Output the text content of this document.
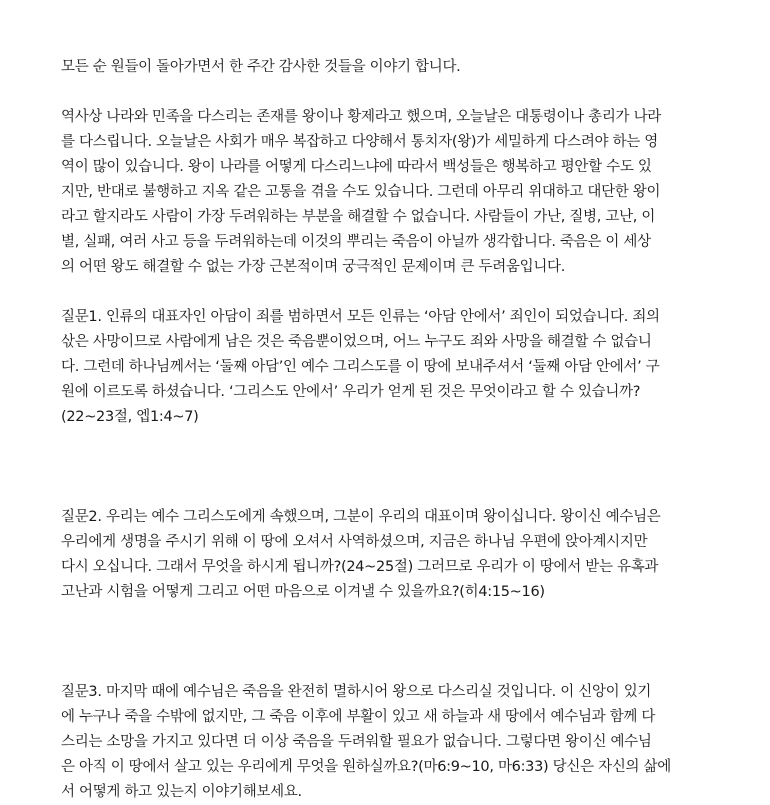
모든 순 원들이 돌아가면서 한 주간 감사한 것들을 이야기 합니다.

역사상 나라와 민족을 다스리는 존재를 왕이나 황제라고 했으며, 오늘날은 대통령이나 총리가 나라
를 다스립니다. 오늘날은 사회가 매우 복잡하고 다양해서 통치자(왕)가 세밀하게 다스려야 하는 영
역이 많이 있습니다. 왕이 나라를 어떻게 다스리느냐에 따라서 백성들은 행복하고 평안할 수도 있
지만, 반대로 불행하고 지옥 같은 고통을 겪을 수도 있습니다. 그런데 아무리 위대하고 대단한 왕이
라고 할지라도 사람이 가장 두려워하는 부분을 해결할 수 없습니다. 사람들이 가난, 질병, 고난, 이
별, 실패, 여러 사고 등을 두려워하는데 이것의 뿌리는 죽음이 아닐까 생각합니다. 죽음은 이 세상
의 어떤 왕도 해결할 수 없는 가장 근본적이며 궁극적인 문제이며 큰 두려움입니다.

질문1. 인류의 대표자인 아담이 죄를 범하면서 모든 인류는 ‘아담 안에서’ 죄인이 되었습니다. 죄의
삯은 사망이므로 사람에게 남은 것은 죽음뿐이었으며, 어느 누구도 죄와 사망을 해결할 수 없습니
다. 그런데 하나님께서는 ‘둘째 아담’인 예수 그리스도를 이 땅에 보내주셔서 ‘둘째 아담 안에서’ 구
원에 이르도록 하셨습니다. ‘그리스도 안에서’ 우리가 얻게 된 것은 무엇이라고 할 수 있습니까?
(22~23절, 엡1:4~7)

질문2. 우리는 예수 그리스도에게 속했으며, 그분이 우리의 대표이며 왕이십니다. 왕이신 예수님은
우리에게 생명을 주시기 위해 이 땅에 오셔서 사역하셨으며, 지금은 하나님 우편에 앉아계시지만
다시 오십니다. 그래서 무엇을 하시게 됩니까?(24~25절) 그러므로 우리가 이 땅에서 받는 유혹과
고난과 시험을 어떻게 그리고 어떤 마음으로 이겨낼 수 있을까요?(히4:15~16)

질문3. 마지막 때에 예수님은 죽음을 완전히 멸하시어 왕으로 다스리실 것입니다. 이 신앙이 있기
에 누구나 죽을 수밖에 없지만, 그 죽음 이후에 부활이 있고 새 하늘과 새 땅에서 예수님과 함께 다
스리는 소망을 가지고 있다면 더 이상 죽음을 두려워할 필요가 없습니다. 그렇다면 왕이신 예수님
은 아직 이 땅에서 살고 있는 우리에게 무엇을 원하실까요?(마6:9~10, 마6:33) 당신은 자신의 삶에
서 어떻게 하고 있는지 이야기해보세요.
